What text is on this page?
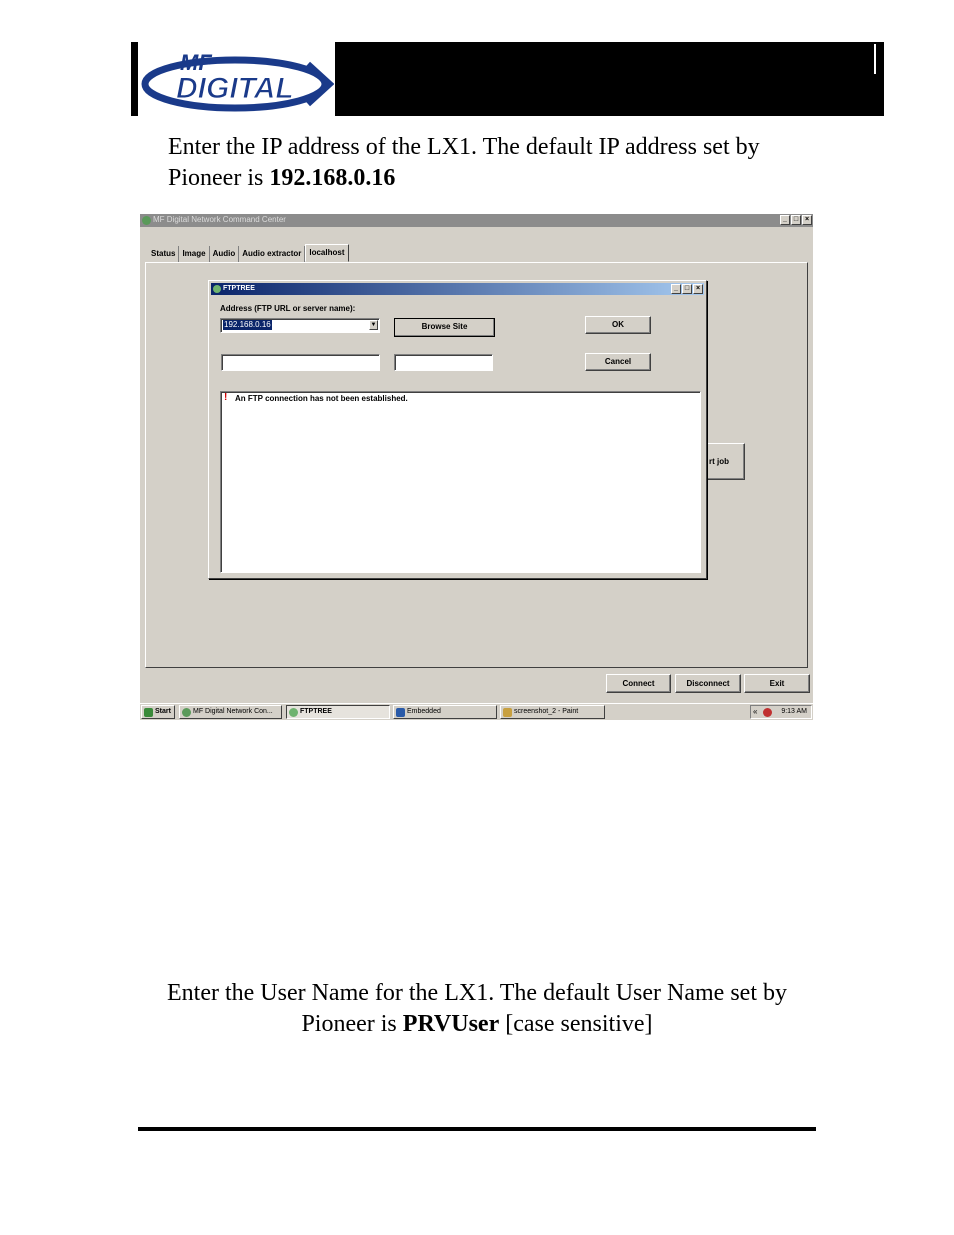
MF
DIGITAL
Enter the IP address of the LX1. The default IP address set by Pioneer is 192.168.0.16
MF Digital Network Command Center	_ □ ×
Status Image Audio Audio extractor	localhost
rt job
FTPTREE	_ □ ×
Address (FTP URL or server name):
192.168.0.16	▼	Browse Site	OK
Cancel
! An FTP connection has not been established.
Connect	Disconnect	Exit
Start	MF Digital Network Con...	FTPTREE	Embedded	screenshot_2 - Paint	«	9:13 AM
Enter the User Name for the LX1. The default User Name set by Pioneer is PRVUser [case sensitive]
